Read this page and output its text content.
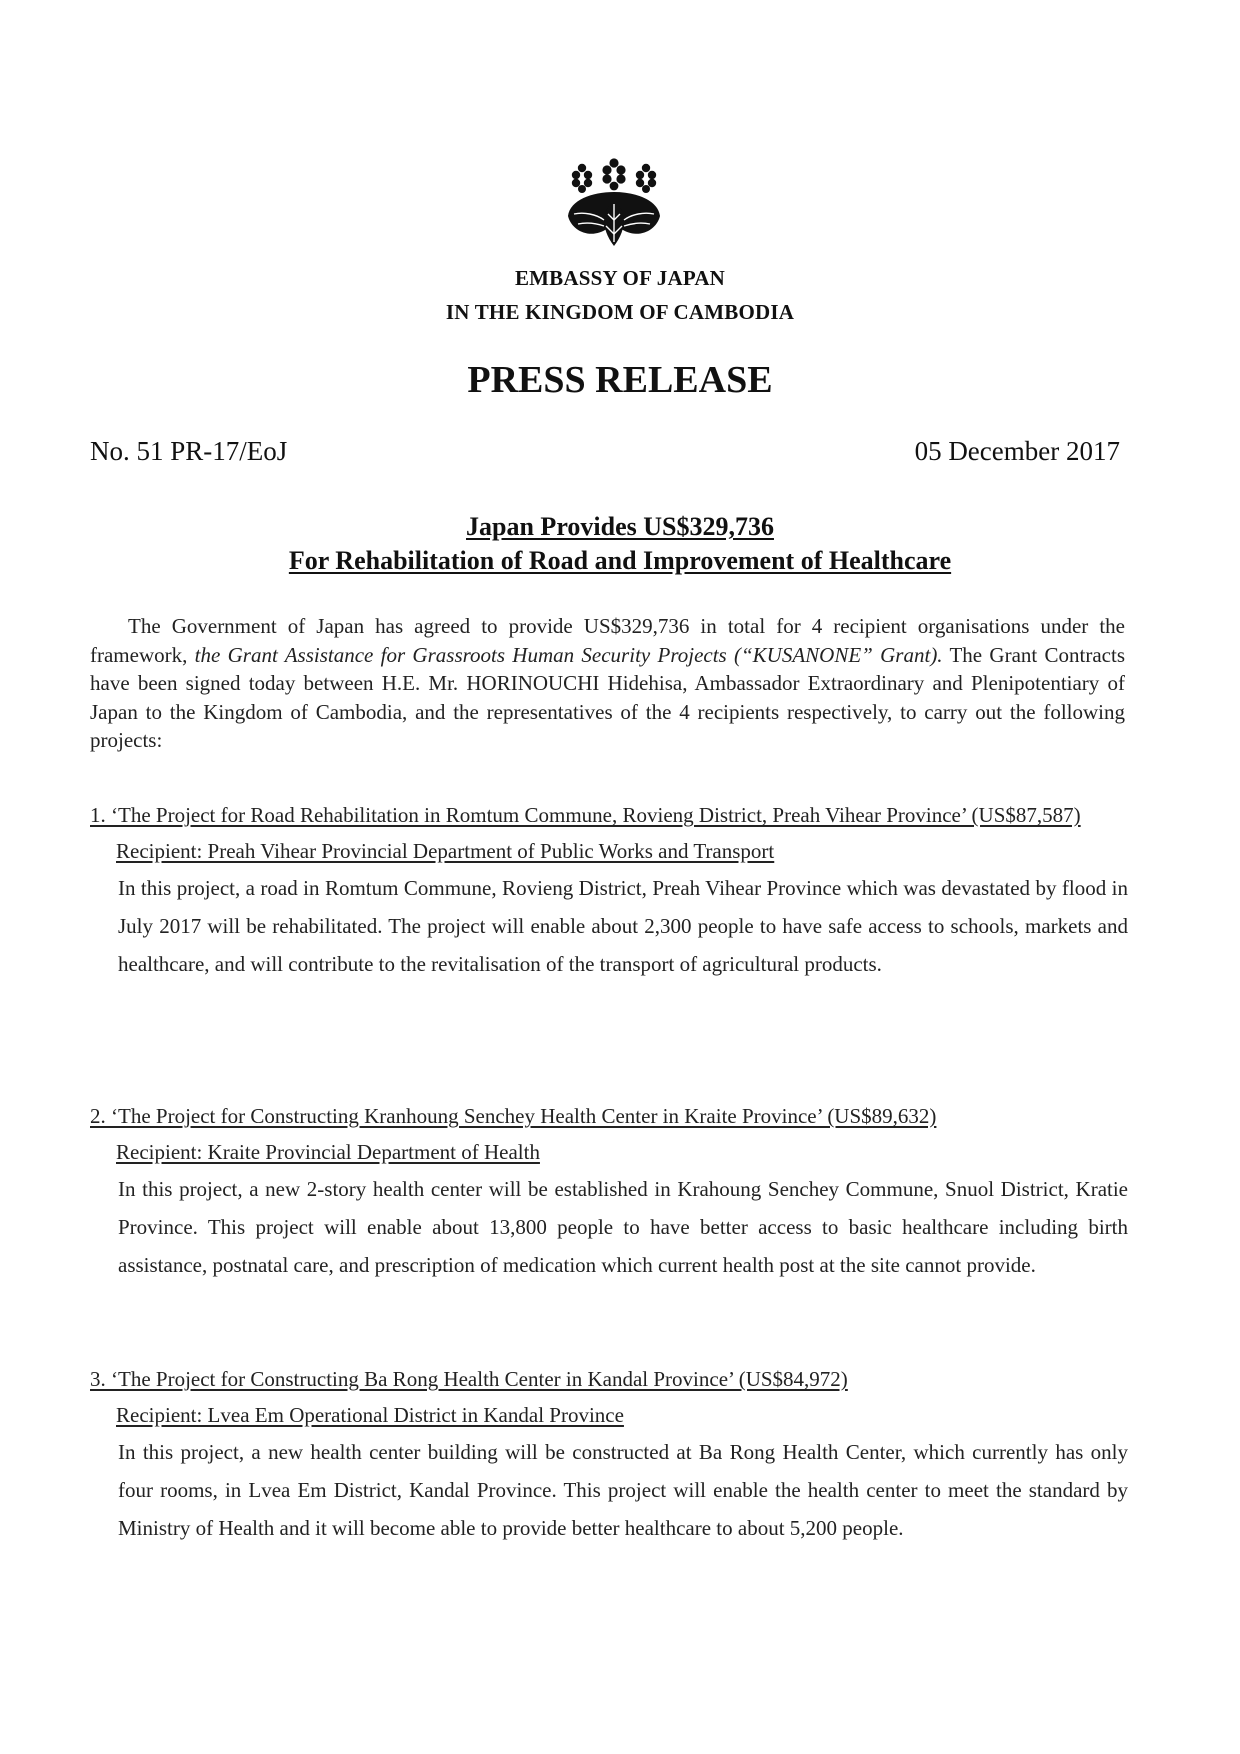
EMBASSY OF JAPAN
IN THE KINGDOM OF CAMBODIA
PRESS RELEASE
No. 51 PR-17/EoJ	05 December 2017
Japan Provides US$329,736
For Rehabilitation of Road and Improvement of Healthcare
The Government of Japan has agreed to provide US$329,736 in total for 4 recipient organisations under the framework, the Grant Assistance for Grassroots Human Security Projects (“KUSANONE” Grant). The Grant Contracts have been signed today between H.E. Mr. HORINOUCHI Hidehisa, Ambassador Extraordinary and Plenipotentiary of Japan to the Kingdom of Cambodia, and the representatives of the 4 recipients respectively, to carry out the following projects:
1. ‘The Project for Road Rehabilitation in Romtum Commune, Rovieng District, Preah Vihear Province’ (US$87,587)
Recipient: Preah Vihear Provincial Department of Public Works and Transport
In this project, a road in Romtum Commune, Rovieng District, Preah Vihear Province which was devastated by flood in July 2017 will be rehabilitated. The project will enable about 2,300 people to have safe access to schools, markets and healthcare, and will contribute to the revitalisation of the transport of agricultural products.
2. ‘The Project for Constructing Kranhoung Senchey Health Center in Kraite Province’ (US$89,632)
Recipient: Kraite Provincial Department of Health
In this project, a new 2-story health center will be established in Krahoung Senchey Commune, Snuol District, Kratie Province. This project will enable about 13,800 people to have better access to basic healthcare including birth assistance, postnatal care, and prescription of medication which current health post at the site cannot provide.
3. ‘The Project for Constructing Ba Rong Health Center in Kandal Province’ (US$84,972)
Recipient: Lvea Em Operational District in Kandal Province
In this project, a new health center building will be constructed at Ba Rong Health Center, which currently has only four rooms, in Lvea Em District, Kandal Province. This project will enable the health center to meet the standard by Ministry of Health and it will become able to provide better healthcare to about 5,200 people.
